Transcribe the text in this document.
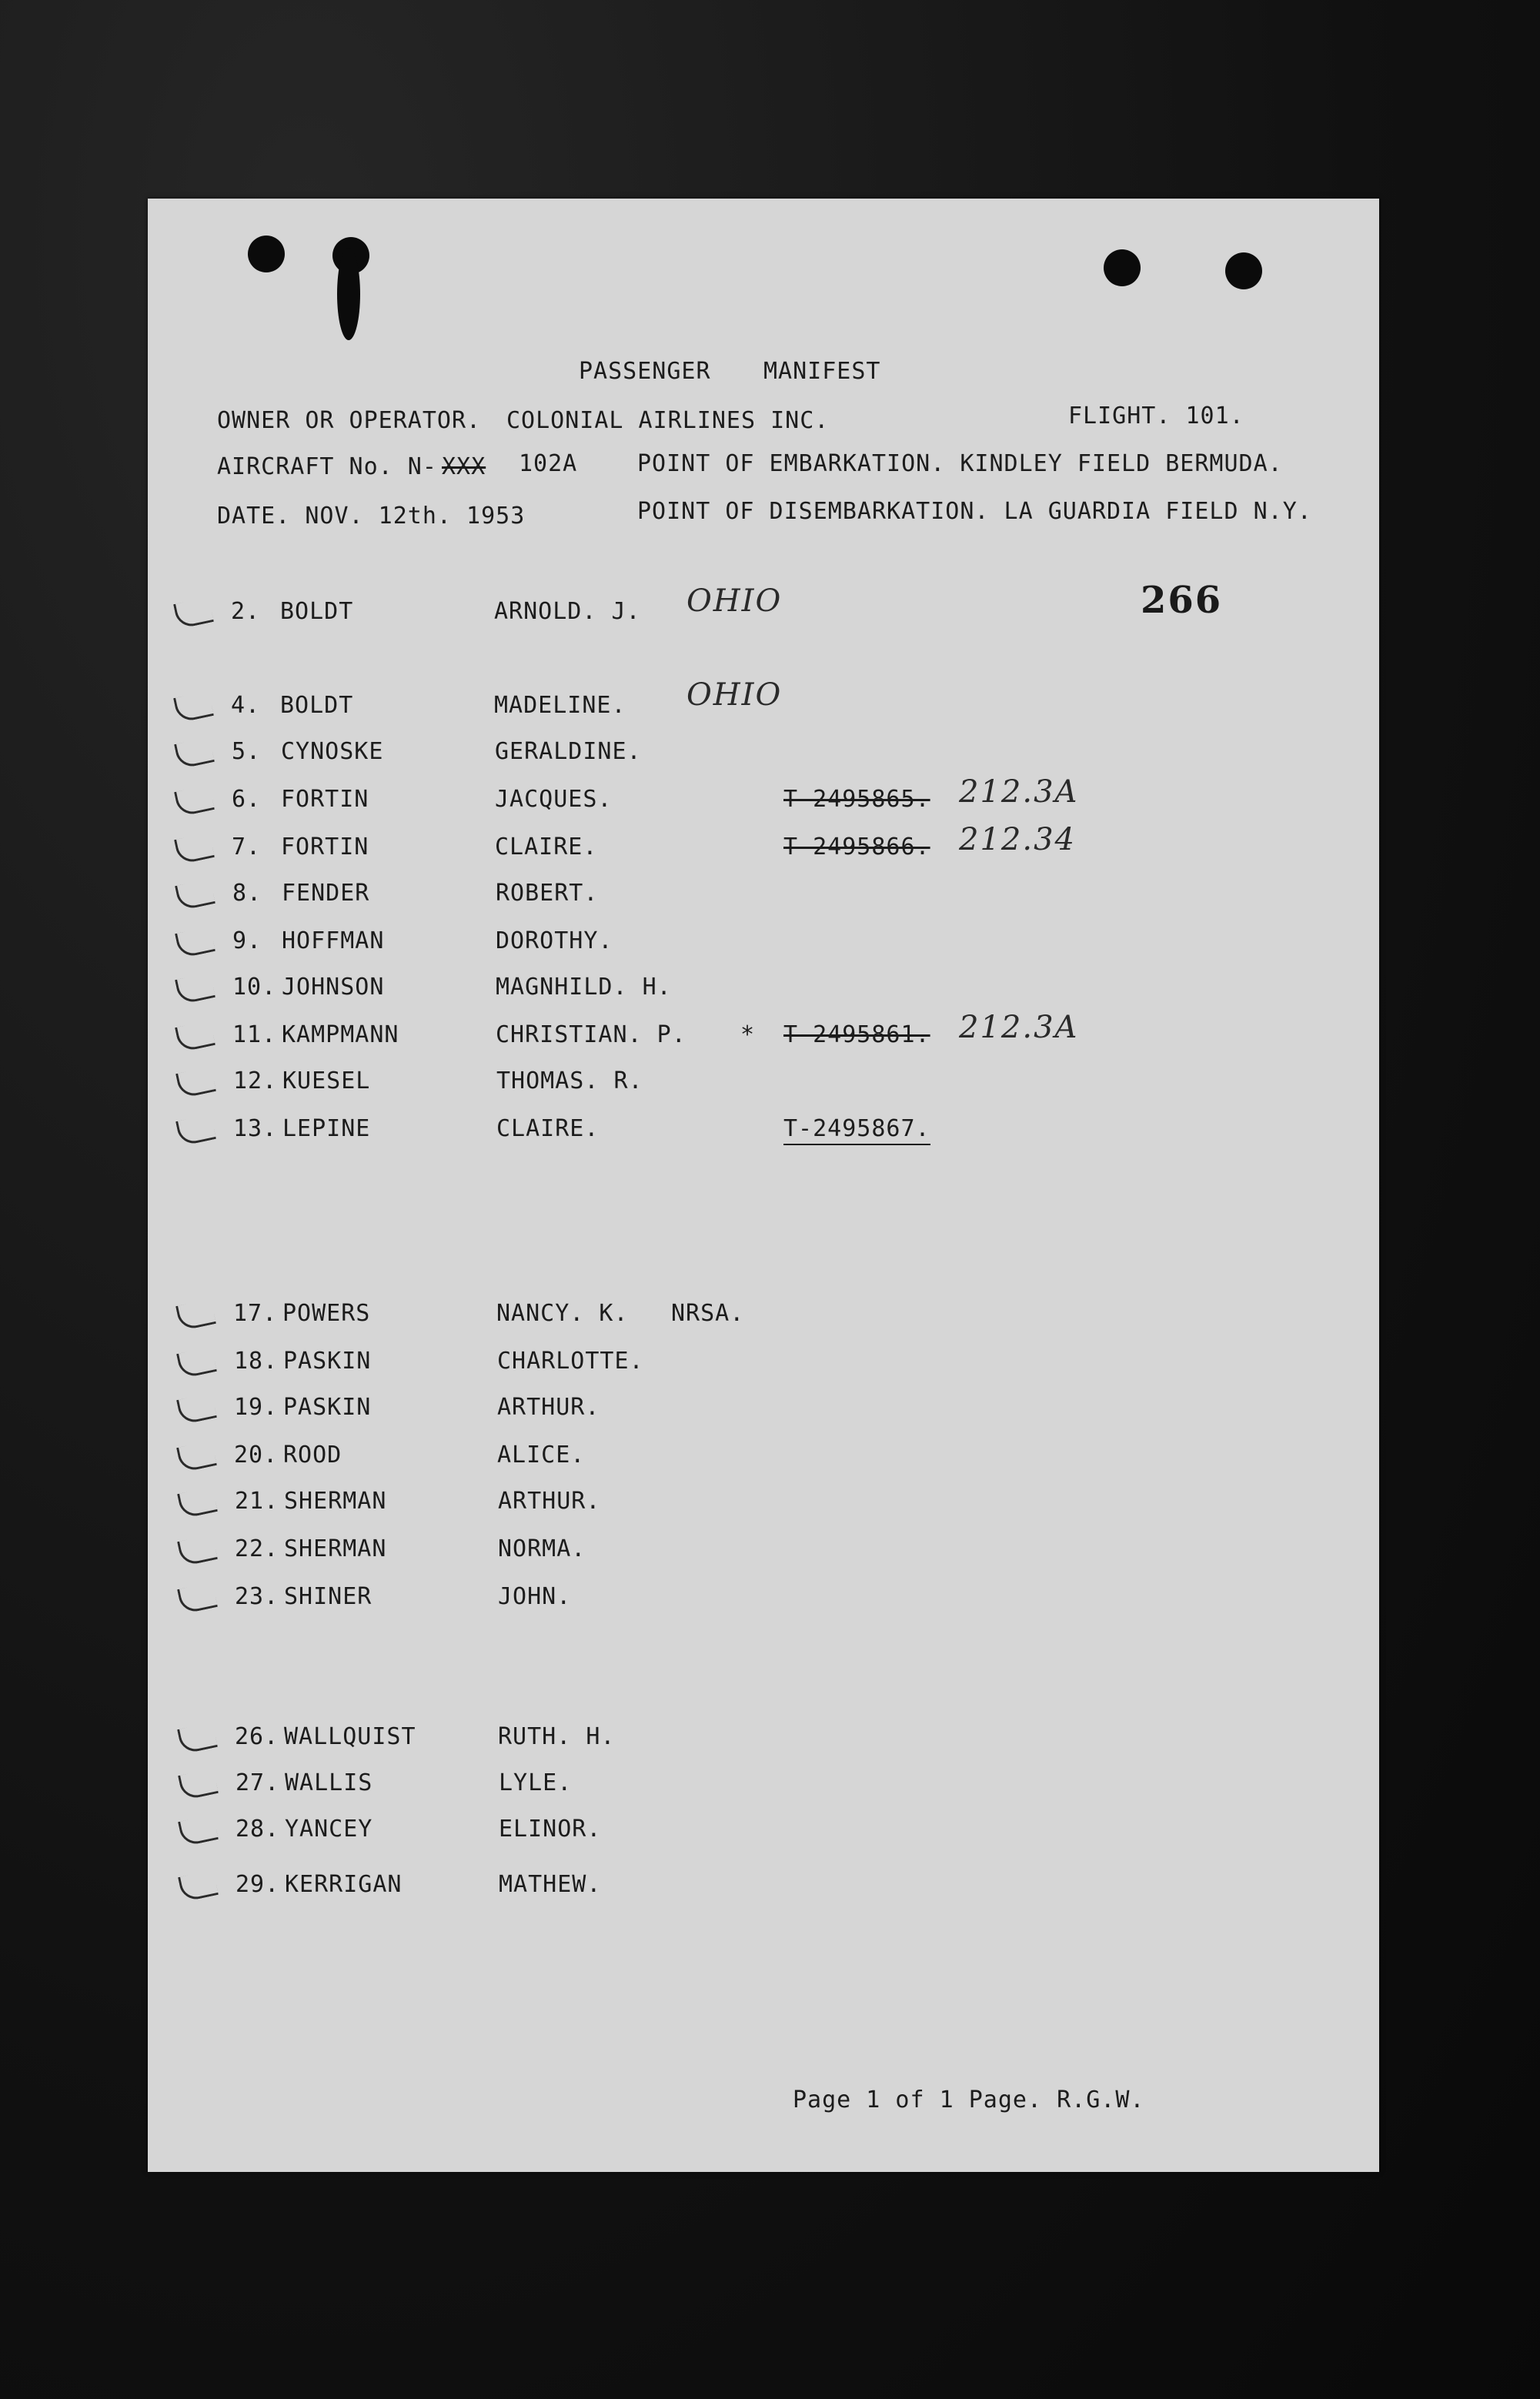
PASSENGER MANIFEST
OWNER OR OPERATOR. COLONIAL AIRLINES INC.	FLIGHT. 101.
AIRCRAFT No. N- XXX 102A	POINT OF EMBARKATION. KINDLEY FIELD BERMUDA.
DATE. NOV. 12th. 1953	POINT OF DISEMBARKATION. LA GUARDIA FIELD N.Y.
2. BOLDT	ARNOLD. J. OHIO
4. BOLDT	MADELINE. OHIO
5. CYNOSKE	GERALDINE.
6. FORTIN	JACQUES.	T-2495865. 212.3A
7. FORTIN	CLAIRE.	T-2495866. 212.34
8. FENDER	ROBERT.
9. HOFFMAN	DOROTHY.
10. JOHNSON	MAGNHILD. H.
11. KAMPMANN	CHRISTIAN. P. * T-2495861. 212.3A
12. KUESEL	THOMAS. R.
13. LEPINE	CLAIRE.	T-2495867.
17. POWERS	NANCY. K. NRSA.
18. PASKIN	CHARLOTTE.
19. PASKIN	ARTHUR.
20. ROOD	ALICE.
21. SHERMAN	ARTHUR.
22. SHERMAN	NORMA.
23. SHINER	JOHN.
26. WALLQUIST	RUTH. H.
27. WALLIS	LYLE.
28. YANCEY	ELINOR.
29. KERRIGAN	MATHEW.
Page 1 of 1 Page. R.G.W.
266
